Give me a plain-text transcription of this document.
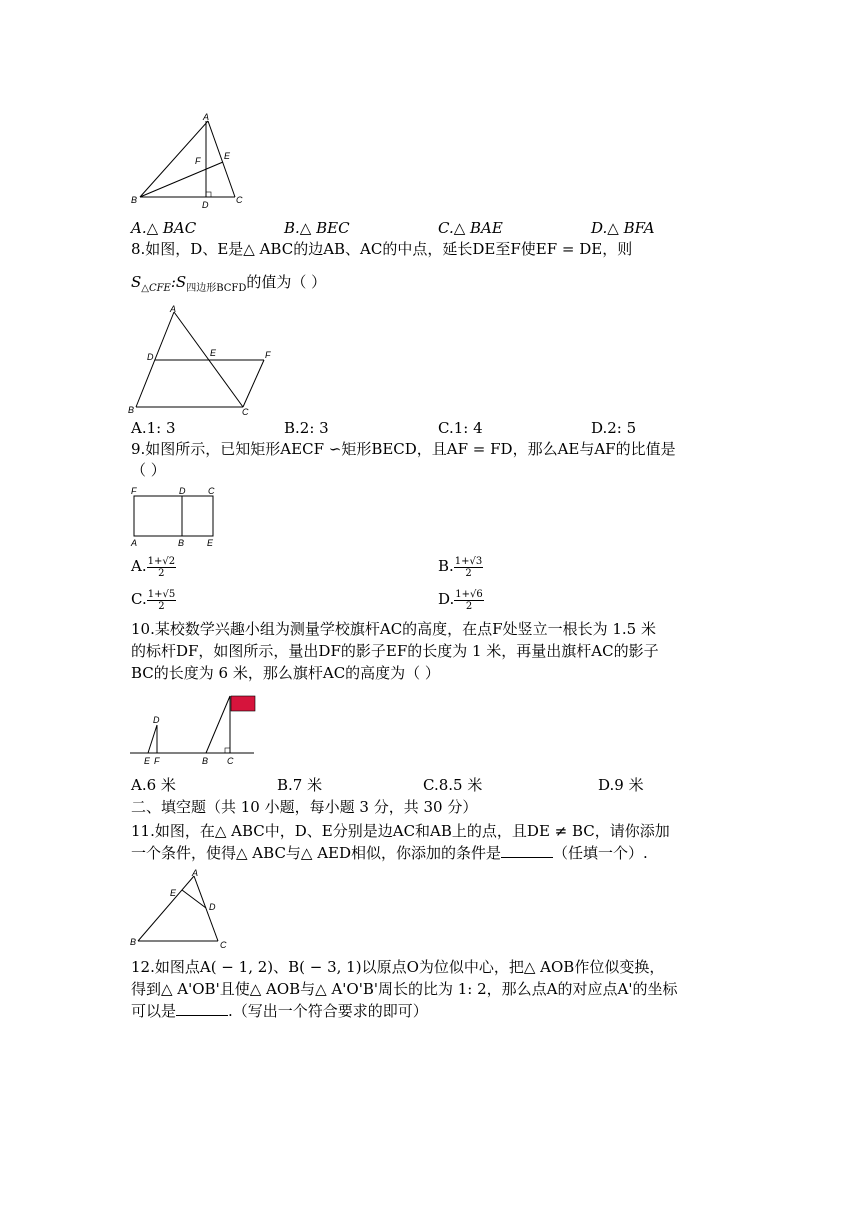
A
F	E
B	D	C
A.△ BAC	B.△ BEC	C.△ BAE	D.△ BFA
8.如图，D、E是△ ABC的边AB、AC的中点，延长DE至F使EF = DE，则
$S_{\triangle CFE}:S_{四边形BCFD}$的值为（ ）
A
D	E	F
B	C
A.1: 3	B.2: 3	C.1: 4	D.2: 5
9.如图所示，已知矩形AECF ∽矩形BECD，且AF = FD，那么AE与AF的比值是
（ ）
F	D	C
A	B	E
A. $\frac{1+√2}{2}$	B. $\frac{1+√3}{2}$
C. $\frac{1+√5}{2}$	D. $\frac{1+√6}{2}$
10.某校数学兴趣小组为测量学校旗杆AC的高度，在点F处竖立一根长为 1.5 米
的标杆DF，如图所示，量出DF的影子EF的长度为 1 米，再量出旗杆AC的影子
BC的长度为 6 米，那么旗杆AC的高度为（ ）
D
E F	B C
A.6 米	B.7 米	C.8.5 米	D.9 米
二、填空题（共 10 小题，每小题 3 分，共 30 分）
11.如图，在△ ABC中，D、E分别是边AC和AB上的点，且DE ≠ BC，请你添加
一个条件，使得△ ABC与△ AED相似，你添加的条件是	（任填一个）.
A
E
D
B	C
12.如图点A( − 1, 2)、B( − 3, 1)以原点O为位似中心，把△ AOB作位似变换，
得到△ A'OB'且使△ AOB与△ A'O'B'周长的比为 1: 2，那么点A的对应点A'的坐标
可以是	.（写出一个符合要求的即可）
